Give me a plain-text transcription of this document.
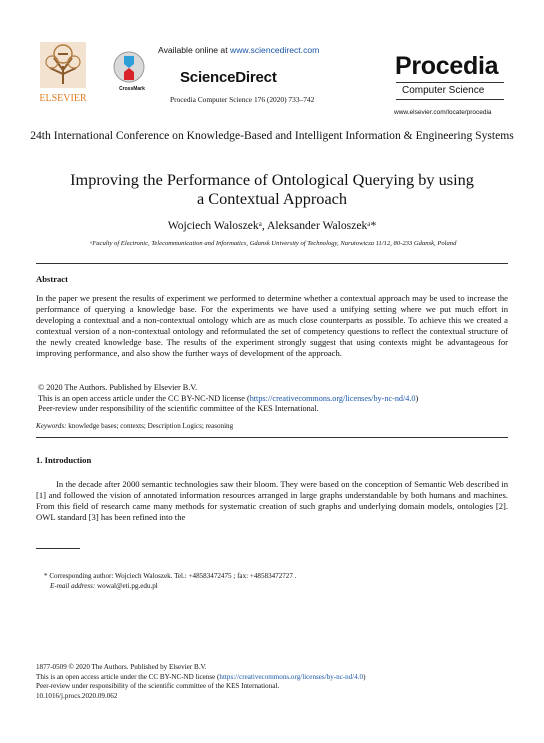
ELSEVIER
CrossMark
Available online at www.sciencedirect.com
ScienceDirect
Procedia Computer Science 176 (2020) 733–742
Procedia
Computer Science
www.elsevier.com/locate/procedia
24th International Conference on Knowledge-Based and Intelligent Information & Engineering Systems
Improving the Performance of Ontological Querying by using
a Contextual Approach
Wojciech Waloszekᵃ, Aleksander Waloszekᵃ*
ᵃFaculty of Electronic, Telecommunication and Informatics, Gdansk University of Technology, Narutowicza 11/12, 80-233 Gdansk, Poland
Abstract
In the paper we present the results of experiment we performed to determine whether a contextual approach may be used to increase the performance of querying a knowledge base. For the experiments we have used a unifying setting where we put much effort in developing a contextual and a non-contextual ontology which are as much close counterparts as possible. To achieve this we created a contextual version of a non-contextual ontology and reformulated the set of competency questions to reflect the contextual structure of the newly created knowledge base. The results of the experiment strongly suggest that using contexts might be advantageous for improving performance, and also show the further ways of development of the approach.
© 2020 The Authors. Published by Elsevier B.V.
This is an open access article under the CC BY-NC-ND license (https://creativecommons.org/licenses/by-nc-nd/4.0)
Peer-review under responsibility of the scientific committee of the KES International.
Keywords: knowledge bases; contexts; Description Logics; reasoning
1. Introduction
In the decade after 2000 semantic technologies saw their bloom. They were based on the conception of Semantic Web described in [1] and followed the vision of annotated information resources arranged in large graphs understandable by both humans and machines. From this field of research came many methods for systematic creation of such graphs and underlying domain models, ontologies [2]. OWL standard [3] has been refined into the
* Corresponding author: Wojciech Waloszek. Tel.: +48583472475 ; fax: +48583472727 .
E-mail address: wowal@eti.pg.edu.pl
1877-0509 © 2020 The Authors. Published by Elsevier B.V.
This is an open access article under the CC BY-NC-ND license (https://creativecommons.org/licenses/by-nc-nd/4.0)
Peer-review under responsibility of the scientific committee of the KES International.
10.1016/j.procs.2020.09.062
